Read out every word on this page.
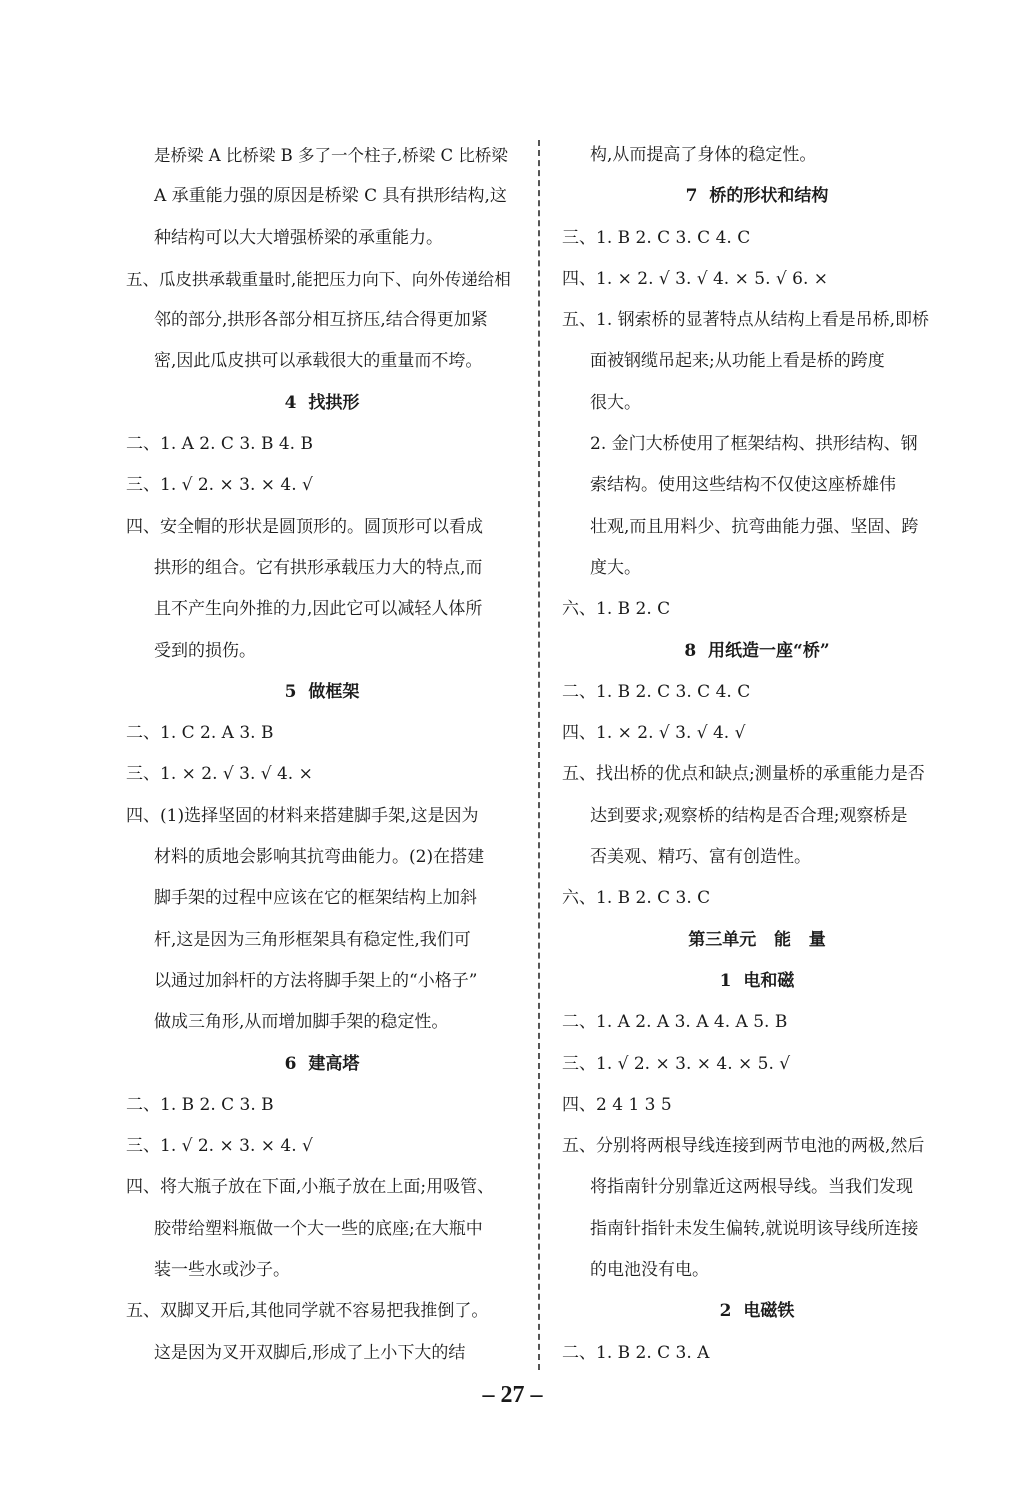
是桥梁 A 比桥梁 B 多了一个柱子,桥梁 C 比桥梁
A 承重能力强的原因是桥梁 C 具有拱形结构,这
种结构可以大大增强桥梁的承重能力。
五、瓜皮拱承载重量时,能把压力向下、向外传递给相
邻的部分,拱形各部分相互挤压,结合得更加紧
密,因此瓜皮拱可以承载很大的重量而不垮。
4  找拱形
二、1. A 2. C 3. B 4. B
三、1. √ 2. × 3. × 4. √
四、安全帽的形状是圆顶形的。圆顶形可以看成
拱形的组合。它有拱形承载压力大的特点,而
且不产生向外推的力,因此它可以减轻人体所
受到的损伤。
5  做框架
二、1. C 2. A 3. B
三、1. × 2. √ 3. √ 4. ×
四、(1)选择坚固的材料来搭建脚手架,这是因为
材料的质地会影响其抗弯曲能力。(2)在搭建
脚手架的过程中应该在它的框架结构上加斜
杆,这是因为三角形框架具有稳定性,我们可
以通过加斜杆的方法将脚手架上的“小格子”
做成三角形,从而增加脚手架的稳定性。
6  建高塔
二、1. B 2. C 3. B
三、1. √ 2. × 3. × 4. √
四、将大瓶子放在下面,小瓶子放在上面;用吸管、
胶带给塑料瓶做一个大一些的底座;在大瓶中
装一些水或沙子。
五、双脚叉开后,其他同学就不容易把我推倒了。
这是因为叉开双脚后,形成了上小下大的结
构,从而提高了身体的稳定性。
7  桥的形状和结构
三、1. B 2. C 3. C 4. C
四、1. × 2. √ 3. √ 4. × 5. √ 6. ×
五、1. 钢索桥的显著特点从结构上看是吊桥,即桥
面被钢缆吊起来;从功能上看是桥的跨度
很大。
2. 金门大桥使用了框架结构、拱形结构、钢
索结构。使用这些结构不仅使这座桥雄伟
壮观,而且用料少、抗弯曲能力强、坚固、跨
度大。
六、1. B 2. C
8  用纸造一座“桥”
二、1. B 2. C 3. C 4. C
四、1. × 2. √ 3. √ 4. √
五、找出桥的优点和缺点;测量桥的承重能力是否
达到要求;观察桥的结构是否合理;观察桥是
否美观、精巧、富有创造性。
六、1. B 2. C 3. C
第三单元   能   量
1  电和磁
二、1. A 2. A 3. A 4. A 5. B
三、1. √ 2. × 3. × 4. × 5. √
四、2 4 1 3 5
五、分别将两根导线连接到两节电池的两极,然后
将指南针分别靠近这两根导线。当我们发现
指南针指针未发生偏转,就说明该导线所连接
的电池没有电。
2  电磁铁
二、1. B 2. C 3. A
– 27 –
